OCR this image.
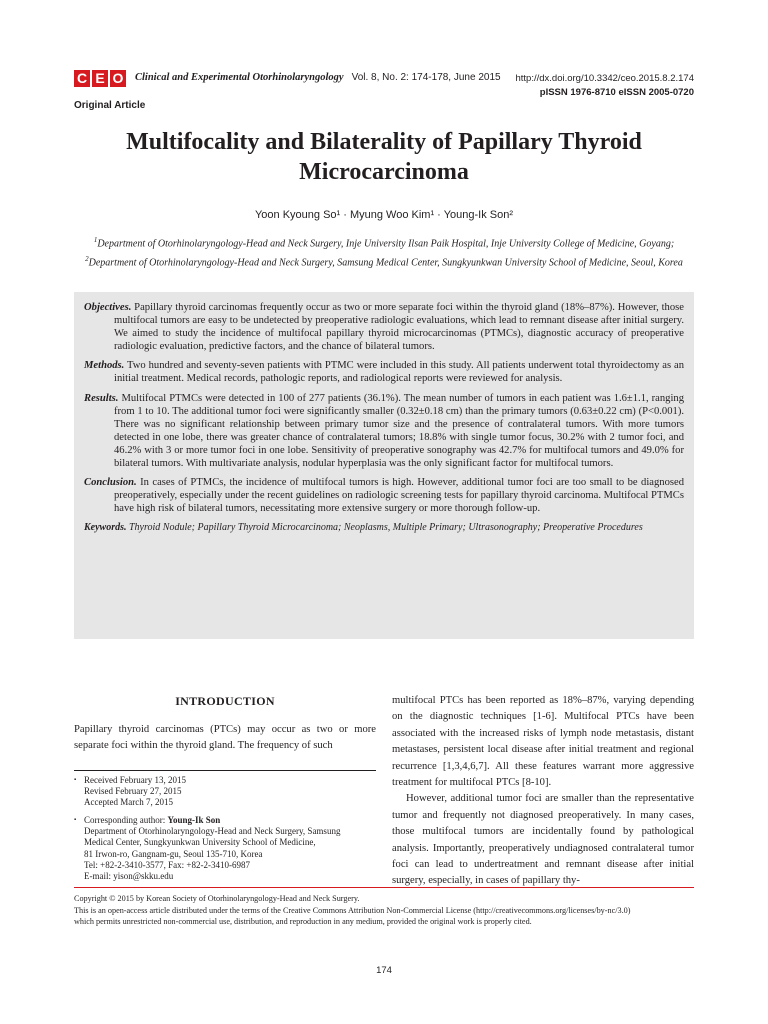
C E O Clinical and Experimental Otorhinolaryngology Vol. 8, No. 2: 174-178, June 2015 http://dx.doi.org/10.3342/ceo.2015.8.2.174
pISSN 1976-8710 eISSN 2005-0720
Original Article
Multifocality and Bilaterality of Papillary Thyroid
Microcarcinoma
Yoon Kyoung So¹ · Myung Woo Kim¹ · Young-Ik Son²
$^1$Department of Otorhinolaryngology-Head and Neck Surgery, Inje University Ilsan Paik Hospital, Inje University College of Medicine, Goyang;
$^2$Department of Otorhinolaryngology-Head and Neck Surgery, Samsung Medical Center, Sungkyunkwan University School of Medicine, Seoul, Korea

Objectives. Papillary thyroid carcinomas frequently occur as two or more separate foci within the thyroid gland (18%–87%). However, those multifocal tumors are easy to be undetected by preoperative radiologic evaluations, which lead to remnant disease after initial surgery. We aimed to study the incidence of multifocal papillary thyroid microcarcinomas (PTMCs), diagnostic accuracy of preoperative radiologic evaluation, predictive factors, and the chance of bilateral tumors.

Methods. Two hundred and seventy-seven patients with PTMC were included in this study. All patients underwent total thyroidectomy as an initial treatment. Medical records, pathologic reports, and radiological reports were reviewed for analysis.

Results. Multifocal PTMCs were detected in 100 of 277 patients (36.1%). The mean number of tumors in each patient was 1.6±1.1, ranging from 1 to 10. The additional tumor foci were significantly smaller (0.32±0.18 cm) than the primary tumors (0.63±0.22 cm) (P<0.001). There was no significant relationship between primary tumor size and the presence of contralateral tumors. With more tumors detected in one lobe, there was greater chance of contralateral tumors; 18.8% with single tumor focus, 30.2% with 2 tumor foci, and 46.2% with 3 or more tumor foci in one lobe. Sensitivity of preoperative sonography was 42.7% for multifocal tumors and 49.0% for bilateral tumors. With multivariate analysis, nodular hyperplasia was the only significant factor for multifocal tumors.

Conclusion. In cases of PTMCs, the incidence of multifocal tumors is high. However, additional tumor foci are too small to be diagnosed preoperatively, especially under the recent guidelines on radiologic screening tests for papillary thyroid carcinoma. Multifocal PTMCs have high risk of bilateral tumors, necessitating more extensive surgery or more thorough follow-up.

Keywords. Thyroid Nodule; Papillary Thyroid Microcarcinoma; Neoplasms, Multiple Primary; Ultrasonography; Preoperative Procedures
INTRODUCTION

Papillary thyroid carcinomas (PTCs) may occur as two or more separate foci within the thyroid gland. The frequency of such

multifocal PTCs has been reported as 18%–87%, varying depending on the diagnostic techniques [1-6]. Multifocal PTCs have been associated with the increased risks of lymph node metastasis, distant metastases, persistent local disease after initial treatment and regional recurrence [1,3,4,6,7]. All these features warrant more aggressive treatment for multifocal PTCs [8-10].

However, additional tumor foci are smaller than the representative tumor and frequently not diagnosed preoperatively. In many cases, those multifocal tumors are incidentally found by pathological analysis. Importantly, preoperatively undiagnosed contralateral tumor foci can lead to undertreatment and remnant disease after initial surgery, especially, in cases of papillary thy-

▪ Received February 13, 2015
Revised February 27, 2015
Accepted March 7, 2015
▪ Corresponding author: Young-Ik Son
Department of Otorhinolaryngology-Head and Neck Surgery, Samsung
Medical Center, Sungkyunkwan University School of Medicine,
81 Irwon-ro, Gangnam-gu, Seoul 135-710, Korea
Tel: +82-2-3410-3577, Fax: +82-2-3410-6987
E-mail: yison@skku.edu
Copyright © 2015 by Korean Society of Otorhinolaryngology-Head and Neck Surgery.
This is an open-access article distributed under the terms of the Creative Commons Attribution Non-Commercial License (http://creativecommons.org/licenses/by-nc/3.0)
which permits unrestricted non-commercial use, distribution, and reproduction in any medium, provided the original work is properly cited.
174
